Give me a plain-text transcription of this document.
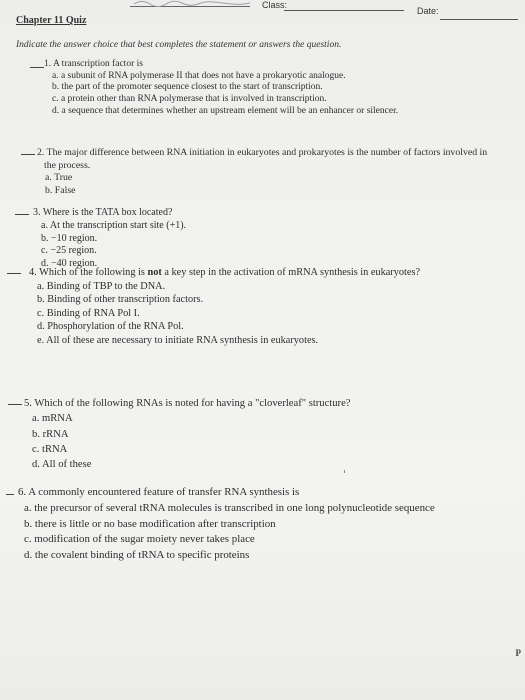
Class:
Date:
Chapter 11 Quiz
Indicate the answer choice that best completes the statement or answers the question.
1. A transcription factor is
a. a subunit of RNA polymerase II that does not have a prokaryotic analogue.
b. the part of the promoter sequence closest to the start of transcription.
c. a protein other than RNA polymerase that is involved in transcription.
d. a sequence that determines whether an upstream element will be an enhancer or silencer.
2. The major difference between RNA initiation in eukaryotes and prokaryotes is the number of factors involved in
the process.
a. True
b. False
3. Where is the TATA box located?
a. At the transcription start site (+1).
b. −10 region.
c. −25 region.
d. −40 region.
4. Which of the following is not a key step in the activation of mRNA synthesis in eukaryotes?
a. Binding of TBP to the DNA.
b. Binding of other transcription factors.
c. Binding of RNA Pol I.
d. Phosphorylation of the RNA Pol.
e. All of these are necessary to initiate RNA synthesis in eukaryotes.
5. Which of the following RNAs is noted for having a "cloverleaf" structure?
a. mRNA
b. rRNA
c. tRNA
d. All of these
6. A commonly encountered feature of transfer RNA synthesis is
a. the precursor of several tRNA molecules is transcribed in one long polynucleotide sequence
b. there is little or no base modification after transcription
c. modification of the sugar moiety never takes place
d. the covalent binding of tRNA to specific proteins
P
